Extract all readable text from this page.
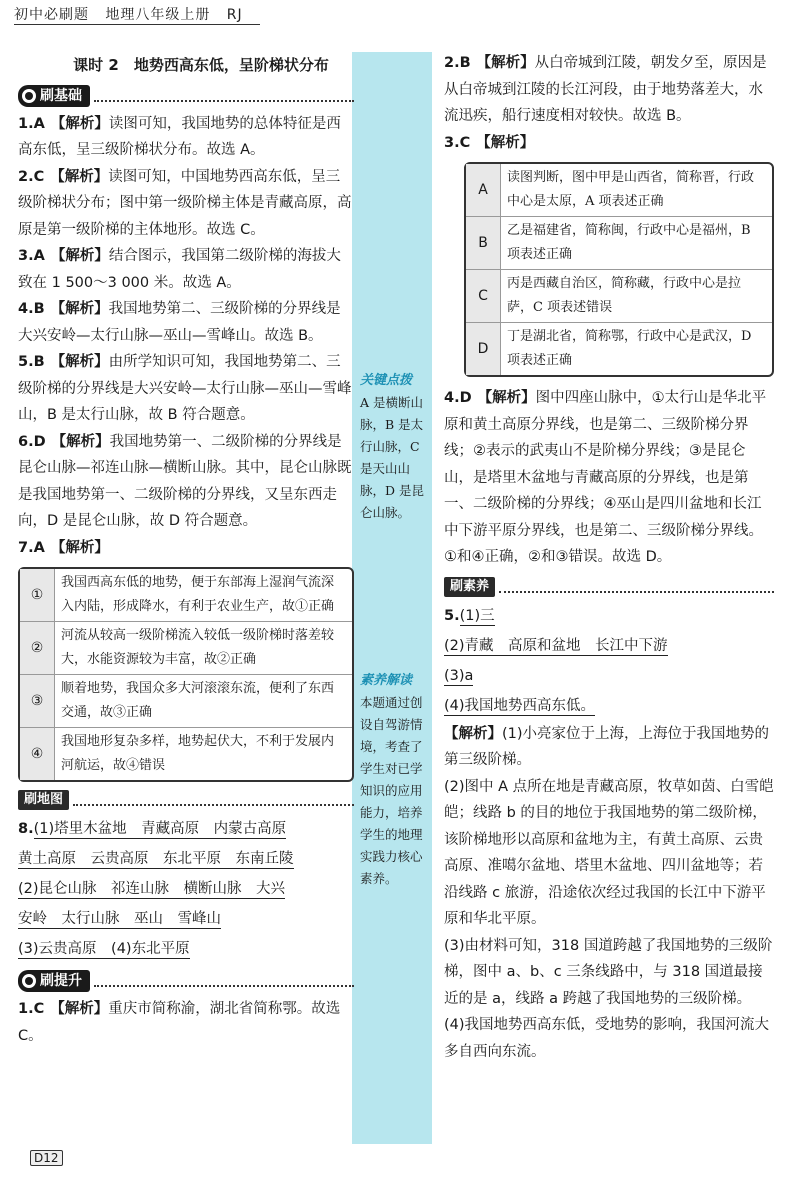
初中必刷题 地理八年级上册 RJ
关键点拨
A 是横断山脉，B 是太行山脉，C 是天山山脉，D 是昆仑山脉。
素养解读
本题通过创设自驾游情境，考查了学生对已学知识的应用能力，培养学生的地理实践力核心素养。
课时 2　地势西高东低，呈阶梯状分布
刷基础

1.A 【解析】读图可知，我国地势的总体特征是西高东低，呈三级阶梯状分布。故选 A。

2.C 【解析】读图可知，中国地势西高东低，呈三级阶梯状分布；图中第一级阶梯主体是青藏高原，高原是第一级阶梯的主体地形。故选 C。

3.A 【解析】结合图示，我国第二级阶梯的海拔大致在 1 500～3 000 米。故选 A。

4.B 【解析】我国地势第二、三级阶梯的分界线是大兴安岭—太行山脉—巫山—雪峰山。故选 B。

5.B 【解析】由所学知识可知，我国地势第二、三级阶梯的分界线是大兴安岭—太行山脉—巫山—雪峰山，B 是太行山脉，故 B 符合题意。

6.D 【解析】我国地势第一、二级阶梯的分界线是昆仑山脉—祁连山脉—横断山脉。其中，昆仑山脉既是我国地势第一、二级阶梯的分界线，又呈东西走向，D 是昆仑山脉，故 D 符合题意。

7.A 【解析】

①
我国西高东低的地势，便于东部海上湿润气流深入内陆，形成降水，有利于农业生产，故①正确
②
河流从较高一级阶梯流入较低一级阶梯时落差较大，水能资源较为丰富，故②正确
③
顺着地势，我国众多大河滚滚东流，便利了东西交通，故③正确
④
我国地形复杂多样，地势起伏大，不利于发展内河航运，故④错误
刷地图
8.(1)塔里木盆地　青藏高原　内蒙古高原
黄土高原　云贵高原　东北平原　东南丘陵
(2)昆仑山脉　祁连山脉　横断山脉　大兴
安岭　太行山脉　巫山　雪峰山
(3)云贵高原　(4)东北平原
刷提升

1.C 【解析】重庆市简称渝，湖北省简称鄂。故选 C。

2.B 【解析】从白帝城到江陵，朝发夕至，原因是从白帝城到江陵的长江河段，由于地势落差大，水流迅疾，船行速度相对较快。故选 B。

3.C 【解析】

A
读图判断，图中甲是山西省，简称晋，行政中心是太原，A 项表述正确
B
乙是福建省，简称闽，行政中心是福州，B 项表述正确
C
丙是西藏自治区，简称藏，行政中心是拉萨，C 项表述错误
D
丁是湖北省，简称鄂，行政中心是武汉，D 项表述正确

4.D 【解析】图中四座山脉中，①太行山是华北平原和黄土高原分界线，也是第二、三级阶梯分界线；②表示的武夷山不是阶梯分界线；③是昆仑山，是塔里木盆地与青藏高原的分界线，也是第一、二级阶梯的分界线；④巫山是四川盆地和长江中下游平原分界线，也是第二、三级阶梯分界线。①和④正确，②和③错误。故选 D。

刷素养
5.(1)三
(2)青藏　高原和盆地　长江中下游
(3)a
(4)我国地势西高东低。
【解析】(1)小亮家位于上海，上海位于我国地势的第三级阶梯。
(2)图中 A 点所在地是青藏高原，牧草如茵、白雪皑皑；线路 b 的目的地位于我国地势的第二级阶梯，该阶梯地形以高原和盆地为主，有黄土高原、云贵高原、准噶尔盆地、塔里木盆地、四川盆地等；若沿线路 c 旅游，沿途依次经过我国的长江中下游平原和华北平原。
(3)由材料可知，318 国道跨越了我国地势的三级阶梯，图中 a、b、c 三条线路中，与 318 国道最接近的是 a，线路 a 跨越了我国地势的三级阶梯。
(4)我国地势西高东低，受地势的影响，我国河流大多自西向东流。
D12
